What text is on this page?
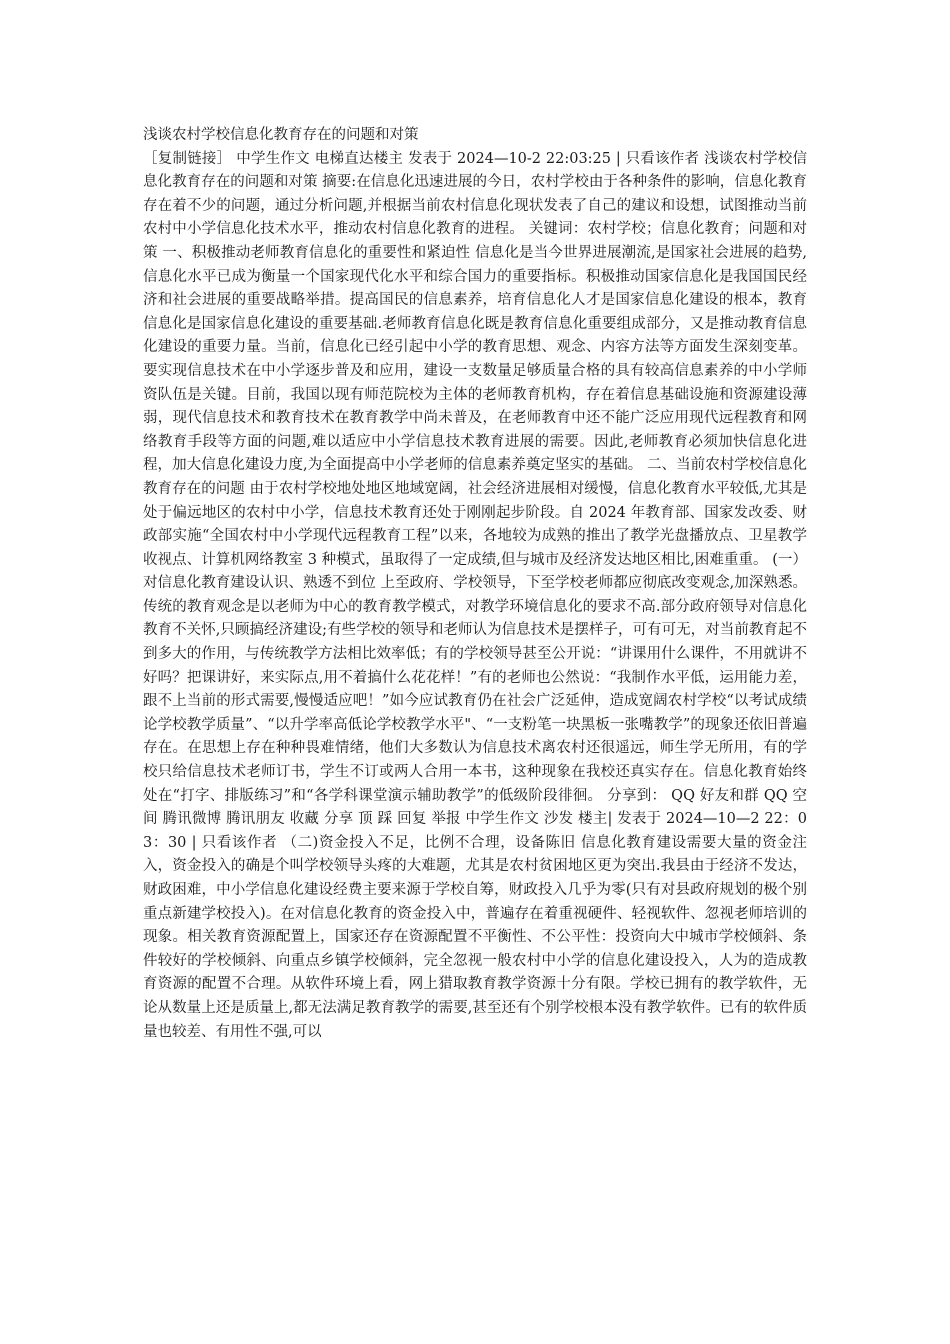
浅谈农村学校信息化教育存在的问题和对策

［复制链接］ 中学生作文 电梯直达楼主 发表于 2024—10-2 22:03:25 | 只看该作者 浅谈农村学校信息化教育存在的问题和对策 摘要:在信息化迅速进展的今日，农村学校由于各种条件的影响，信息化教育存在着不少的问题，通过分析问题,并根据当前农村信息化现状发表了自己的建议和设想，试图推动当前农村中小学信息化技术水平，推动农村信息化教育的进程。 关键词：农村学校；信息化教育；问题和对策 一、积极推动老师教育信息化的重要性和紧迫性 信息化是当今世界进展潮流,是国家社会进展的趋势,信息化水平已成为衡量一个国家现代化水平和综合国力的重要指标。积极推动国家信息化是我国国民经济和社会进展的重要战略举措。提高国民的信息素养，培育信息化人才是国家信息化建设的根本，教育信息化是国家信息化建设的重要基础.老师教育信息化既是教育信息化重要组成部分，又是推动教育信息化建设的重要力量。当前，信息化已经引起中小学的教育思想、观念、内容方法等方面发生深刻变革。要实现信息技术在中小学逐步普及和应用，建设一支数量足够质量合格的具有较高信息素养的中小学师资队伍是关键。目前，我国以现有师范院校为主体的老师教育机构，存在着信息基础设施和资源建设薄弱，现代信息技术和教育技术在教育教学中尚未普及，在老师教育中还不能广泛应用现代远程教育和网络教育手段等方面的问题,难以适应中小学信息技术教育进展的需要。因此,老师教育必须加快信息化进程，加大信息化建设力度,为全面提高中小学老师的信息素养奠定坚实的基础。 二、当前农村学校信息化教育存在的问题 由于农村学校地处地区地域宽阔，社会经济进展相对缓慢，信息化教育水平较低,尤其是处于偏远地区的农村中小学，信息技术教育还处于刚刚起步阶段。自 2024 年教育部、国家发改委、财政部实施“全国农村中小学现代远程教育工程”以来，各地较为成熟的推出了教学光盘播放点、卫星教学收视点、计算机网络教室 3 种模式，虽取得了一定成绩,但与城市及经济发达地区相比,困难重重。 (一）对信息化教育建设认识、熟透不到位 上至政府、学校领导，下至学校老师都应彻底改变观念,加深熟悉。传统的教育观念是以老师为中心的教育教学模式，对教学环境信息化的要求不高.部分政府领导对信息化教育不关怀,只顾搞经济建设;有些学校的领导和老师认为信息技术是摆样子，可有可无，对当前教育起不到多大的作用，与传统教学方法相比效率低；有的学校领导甚至公开说：“讲课用什么课件，不用就讲不好吗？把课讲好，来实际点,用不着搞什么花花样！”有的老师也公然说：“我制作水平低，运用能力差，跟不上当前的形式需要,慢慢适应吧！”如今应试教育仍在社会广泛延伸，造成宽阔农村学校“以考试成绩论学校教学质量”、“以升学率高低论学校教学水平"、“一支粉笔一块黑板一张嘴教学”的现象还依旧普遍存在。在思想上存在种种畏难情绪，他们大多数认为信息技术离农村还很遥远，师生学无所用，有的学校只给信息技术老师订书，学生不订或两人合用一本书，这种现象在我校还真实存在。信息化教育始终处在“打字、排版练习”和“各学科课堂演示辅助教学”的低级阶段徘徊。 分享到： QQ 好友和群 QQ 空间 腾讯微博 腾讯朋友 收藏 分享 顶 踩 回复 举报 中学生作文 沙发 楼主| 发表于 2024—10—2 22：03：30 | 只看该作者 （二)资金投入不足，比例不合理，设备陈旧 信息化教育建设需要大量的资金注入，资金投入的确是个叫学校领导头疼的大难题，尤其是农村贫困地区更为突出.我县由于经济不发达，财政困难，中小学信息化建设经费主要来源于学校自筹，财政投入几乎为零(只有对县政府规划的极个别重点新建学校投入)。在对信息化教育的资金投入中，普遍存在着重视硬件、轻视软件、忽视老师培训的现象。相关教育资源配置上，国家还存在资源配置不平衡性、不公平性：投资向大中城市学校倾斜、条件较好的学校倾斜、向重点乡镇学校倾斜，完全忽视一般农村中小学的信息化建设投入，人为的造成教育资源的配置不合理。从软件环境上看，网上猎取教育教学资源十分有限。学校已拥有的教学软件，无论从数量上还是质量上,都无法满足教育教学的需要,甚至还有个别学校根本没有教学软件。已有的软件质量也较差、有用性不强,可以
